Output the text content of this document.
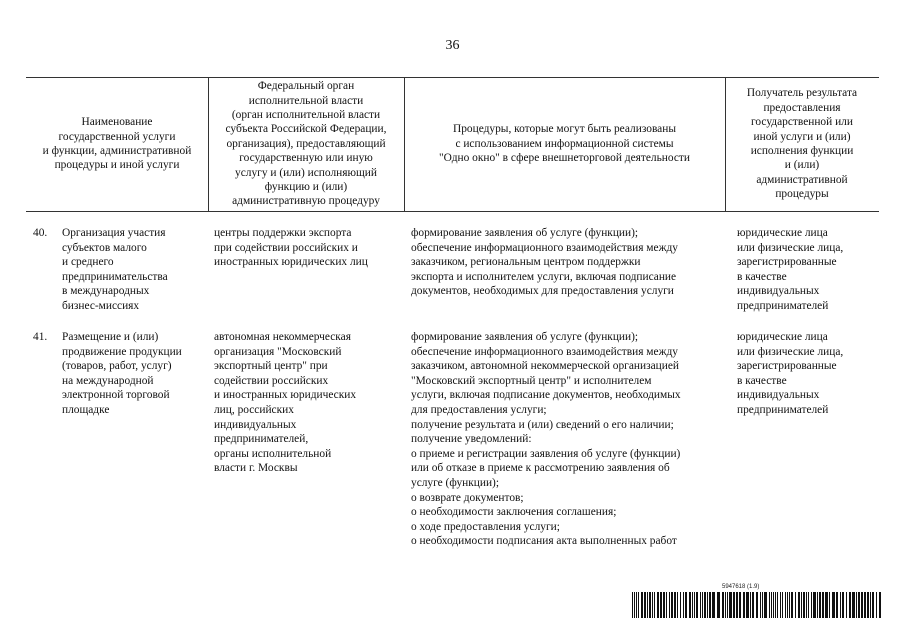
36
Наименование
государственной услуги
и функции, административной
процедуры и иной услуги
Федеральный орган
исполнительной власти
(орган исполнительной власти
субъекта Российской Федерации,
организация), предоставляющий
государственную или иную
услугу и (или) исполняющий
функцию и (или)
административную процедуру
Процедуры, которые могут быть реализованы
с использованием информационной системы
"Одно окно" в сфере внешнеторговой деятельности
Получатель результата
предоставления
государственной или
иной услуги и (или)
исполнения функции
и (или)
административной
процедуры
40. Организация участия
субъектов малого
и среднего
предпринимательства
в международных
бизнес-миссиях
центры поддержки экспорта
при содействии российских и
иностранных юридических лиц
формирование заявления об услуге (функции);
обеспечение информационного взаимодействия между
заказчиком, региональным центром поддержки
экспорта и исполнителем услуги, включая подписание
документов, необходимых для предоставления услуги
юридические лица
или физические лица,
зарегистрированные
в качестве
индивидуальных
предпринимателей
41. Размещение и (или)
продвижение продукции
(товаров, работ, услуг)
на международной
электронной торговой
площадке
автономная некоммерческая
организация "Московский
экспортный центр" при
содействии российских
и иностранных юридических
лиц, российских
индивидуальных
предпринимателей,
органы исполнительной
власти г. Москвы
формирование заявления об услуге (функции);
обеспечение информационного взаимодействия между
заказчиком, автономной некоммерческой организацией
"Московский экспортный центр" и исполнителем
услуги, включая подписание документов, необходимых
для предоставления услуги;
получение результата и (или) сведений о его наличии;
получение уведомлений:
о приеме и регистрации заявления об услуге (функции)
или об отказе в приеме к рассмотрению заявления об
услуге (функции);
о возврате документов;
о необходимости заключения соглашения;
о ходе предоставления услуги;
о необходимости подписания акта выполненных работ
юридические лица
или физические лица,
зарегистрированные
в качестве
индивидуальных
предпринимателей
5947618 (1.9)
